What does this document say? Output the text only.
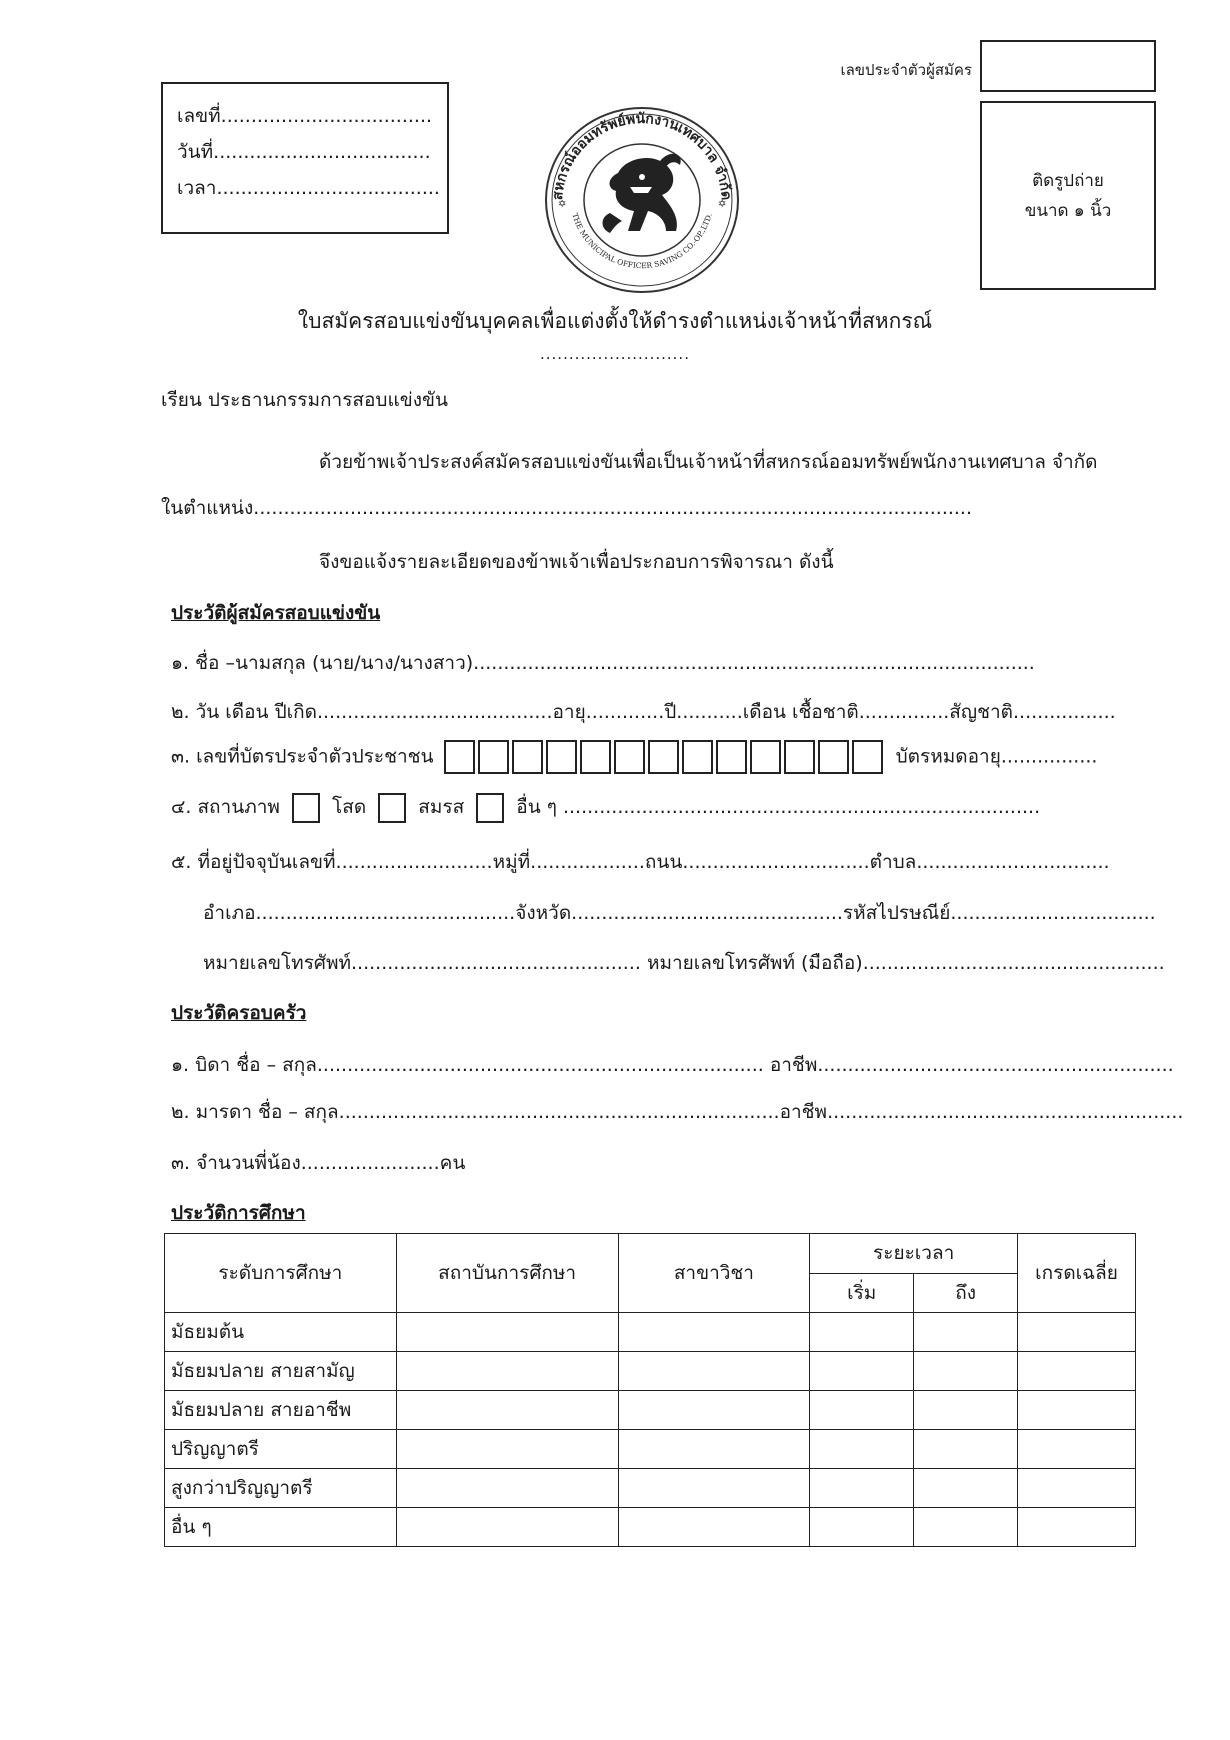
เลขที่...................................
วันที่....................................
เวลา.....................................
เลขประจำตัวผู้สมัคร
ติดรูปถ่าย
ขนาด ๑ นิ้ว
สหกรณ์ออมทรัพย์พนักงานเทศบาล จำกัด
THE MUNICIPAL OFFICER SAVING CO.-OP.,LTD.
✡	✡
ใบสมัครสอบแข่งขันบุคคลเพื่อแต่งตั้งให้ดำรงตำแหน่งเจ้าหน้าที่สหกรณ์
..........................
เรียน ประธานกรรมการสอบแข่งขัน
ด้วยข้าพเจ้าประสงค์สมัครสอบแข่งขันเพื่อเป็นเจ้าหน้าที่สหกรณ์ออมทรัพย์พนักงานเทศบาล จำกัด
ในตำแหน่ง.......................................................................................................................
จึงขอแจ้งรายละเอียดของข้าพเจ้าเพื่อประกอบการพิจารณา ดังนี้
ประวัติผู้สมัครสอบแข่งขัน
๑. ชื่อ –นามสกุล (นาย/นาง/นางสาว).............................................................................................
๒. วัน เดือน ปีเกิด.......................................อายุ.............ปี...........เดือน เชื้อชาติ...............สัญชาติ.................
๓. เลขที่บัตรประจำตัวประชาชน	บัตรหมดอายุ................
๔. สถานภาพ	โสด	สมรส	อื่น ๆ ...............................................................................
๕. ที่อยู่ปัจจุบันเลขที่..........................หมู่ที่...................ถนน...............................ตำบล................................
อำเภอ...........................................จังหวัด.............................................รหัสไปรษณีย์..................................
หมายเลขโทรศัพท์................................................ หมายเลขโทรศัพท์ (มือถือ)..................................................
ประวัติครอบครัว
๑. บิดา ชื่อ – สกุล.......................................................................... อาชีพ...........................................................
๒. มารดา ชื่อ – สกุล.........................................................................อาชีพ...........................................................
๓. จำนวนพี่น้อง.......................คน
ประวัติการศึกษา
ระดับการศึกษา	สถาบันการศึกษา	สาขาวิชา	ระยะเวลา		เกรดเฉลี่ย
			เริ่ม	ถึง	
มัธยมต้น					
มัธยมปลาย สายสามัญ					
มัธยมปลาย สายอาชีพ					
ปริญญาตรี					
สูงกว่าปริญญาตรี					
อื่น ๆ					
